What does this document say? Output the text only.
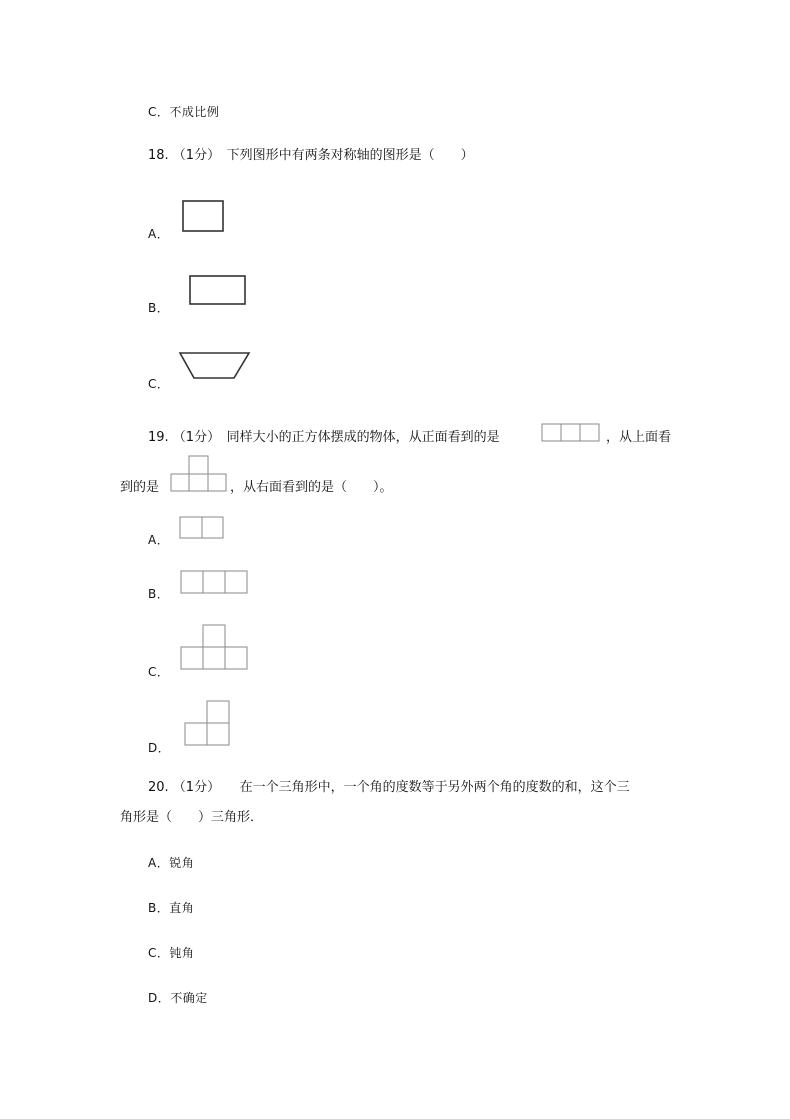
C．不成比例
18. （1分）　下列图形中有两条对称轴的图形是（　　）
A．
B．
C．
19. （1分）　同样大小的正方体摆成的物体，从正面看到的是	，从上面看
到的是	，从右面看到的是（　　）。
A．
B．
C．
D．
20. （1分）　　在一个三角形中，一个角的度数等于另外两个角的度数的和，这个三
角形是（　　）三角形．
A．锐角
B．直角
C．钝角
D．不确定
